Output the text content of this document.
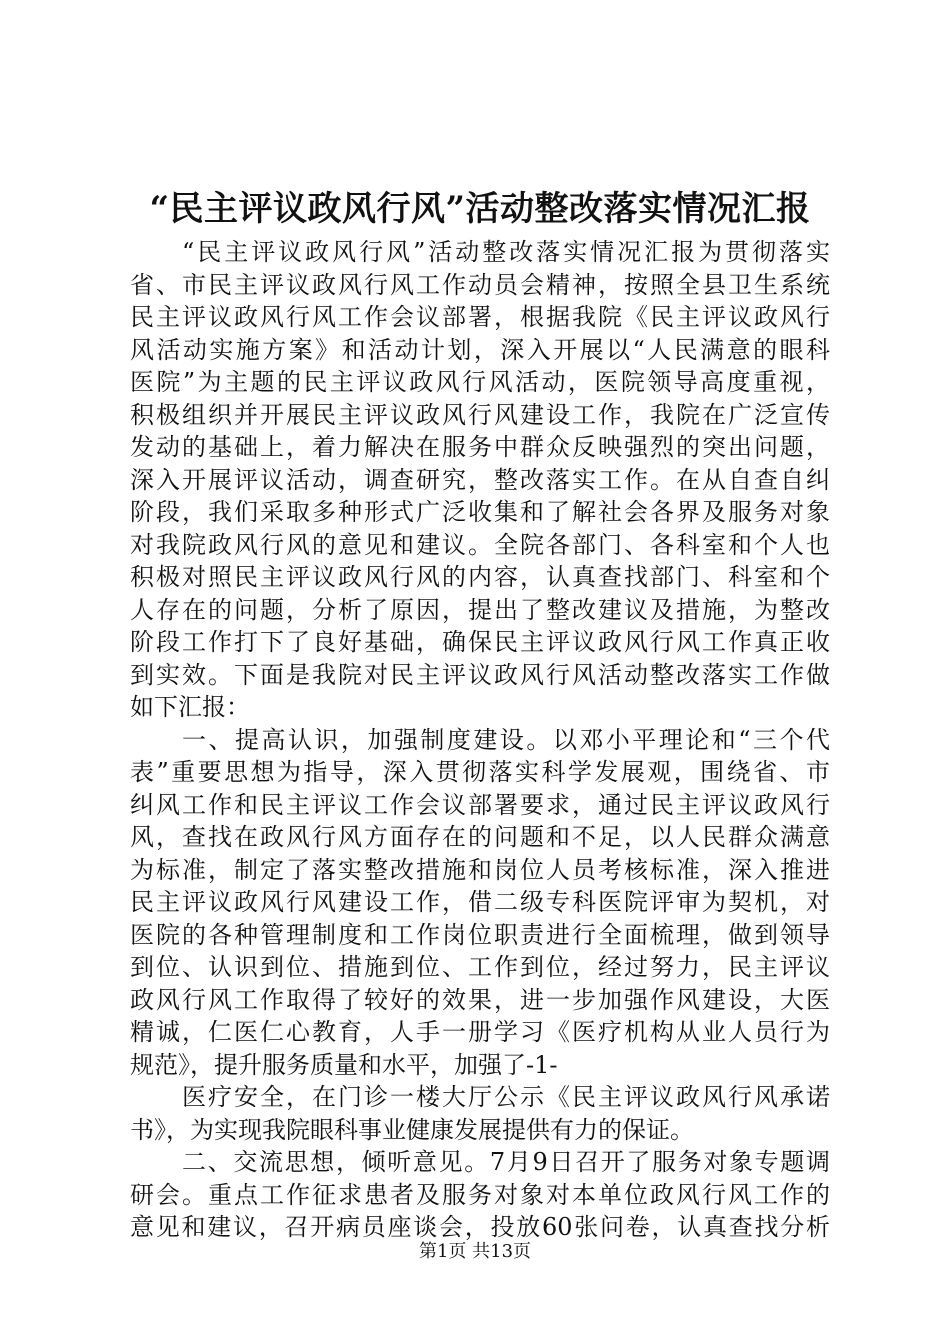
“民主评议政风行风”活动整改落实情况汇报
“民主评议政风行风”活动整改落实情况汇报为贯彻落实
省、市民主评议政风行风工作动员会精神，按照全县卫生系统
民主评议政风行风工作会议部署，根据我院《民主评议政风行
风活动实施方案》和活动计划，深入开展以“人民满意的眼科
医院”为主题的民主评议政风行风活动，医院领导高度重视，
积极组织并开展民主评议政风行风建设工作，我院在广泛宣传
发动的基础上，着力解决在服务中群众反映强烈的突出问题，
深入开展评议活动，调查研究，整改落实工作。在从自查自纠
阶段，我们采取多种形式广泛收集和了解社会各界及服务对象
对我院政风行风的意见和建议。全院各部门、各科室和个人也
积极对照民主评议政风行风的内容，认真查找部门、科室和个
人存在的问题，分析了原因，提出了整改建议及措施，为整改
阶段工作打下了良好基础，确保民主评议政风行风工作真正收
到实效。下面是我院对民主评议政风行风活动整改落实工作做
如下汇报：
一、提高认识，加强制度建设。以邓小平理论和“三个代
表”重要思想为指导，深入贯彻落实科学发展观，围绕省、市
纠风工作和民主评议工作会议部署要求，通过民主评议政风行
风，查找在政风行风方面存在的问题和不足，以人民群众满意
为标准，制定了落实整改措施和岗位人员考核标准，深入推进
民主评议政风行风建设工作，借二级专科医院评审为契机，对
医院的各种管理制度和工作岗位职责进行全面梳理，做到领导
到位、认识到位、措施到位、工作到位，经过努力，民主评议
政风行风工作取得了较好的效果，进一步加强作风建设，大医
精诚，仁医仁心教育，人手一册学习《医疗机构从业人员行为
规范》，提升服务质量和水平，加强了-1-
医疗安全，在门诊一楼大厅公示《民主评议政风行风承诺
书》，为实现我院眼科事业健康发展提供有力的保证。
二、交流思想，倾听意见。7月9日召开了服务对象专题调
研会。重点工作征求患者及服务对象对本单位政风行风工作的
意见和建议，召开病员座谈会，投放60张问卷，认真查找分析
第1页 共13页
